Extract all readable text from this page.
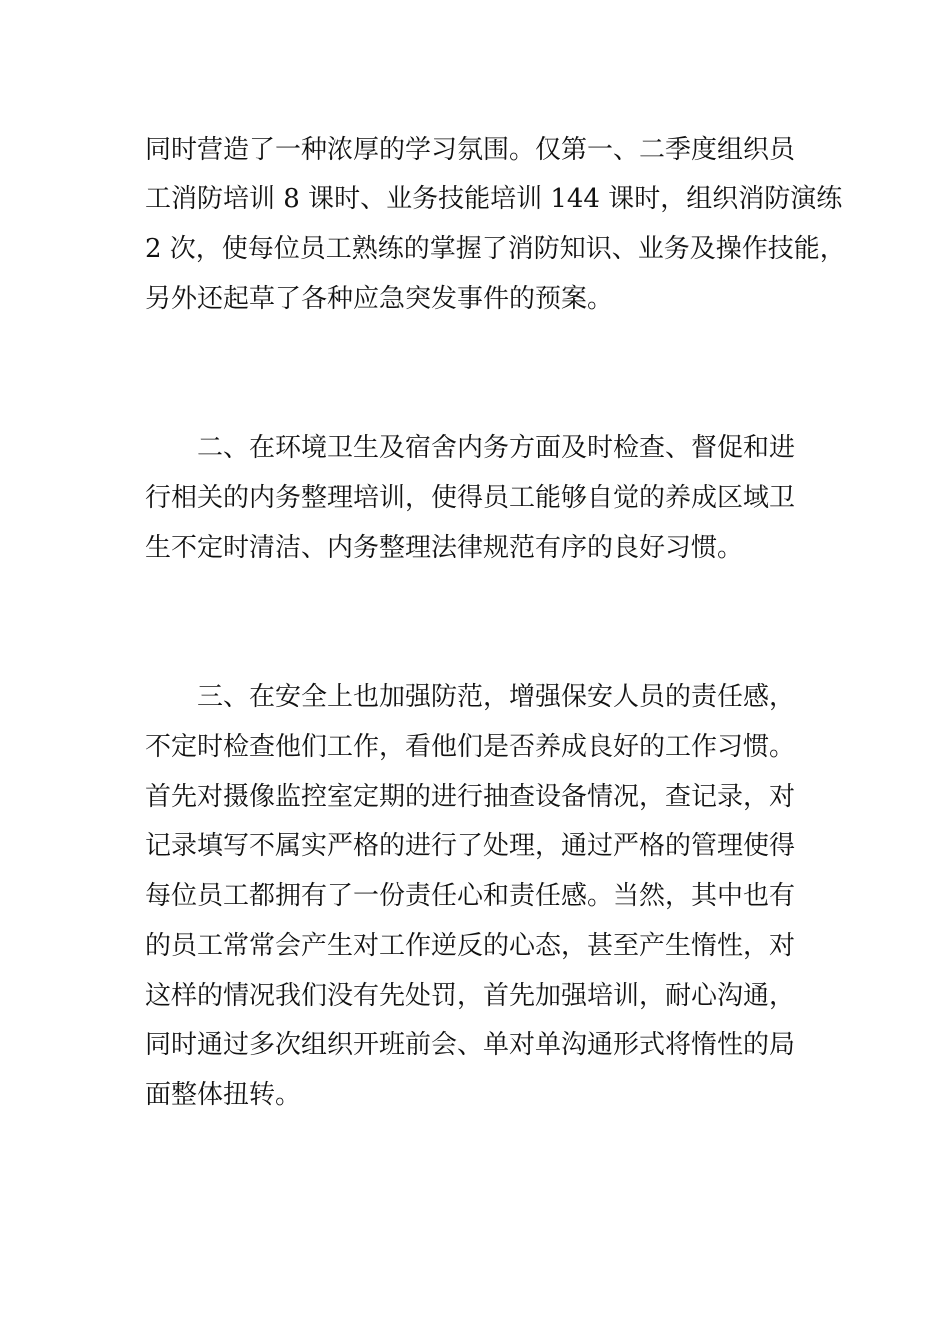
同时营造了一种浓厚的学习氛围。仅第一、二季度组织员
工消防培训 8 课时、业务技能培训 144 课时，组织消防演练
2 次，使每位员工熟练的掌握了消防知识、业务及操作技能，
另外还起草了各种应急突发事件的预案。
二、在环境卫生及宿舍内务方面及时检查、督促和进
行相关的内务整理培训，使得员工能够自觉的养成区域卫
生不定时清洁、内务整理法律规范有序的良好习惯。
三、在安全上也加强防范，增强保安人员的责任感，
不定时检查他们工作，看他们是否养成良好的工作习惯。
首先对摄像监控室定期的进行抽查设备情况，查记录，对
记录填写不属实严格的进行了处理，通过严格的管理使得
每位员工都拥有了一份责任心和责任感。当然，其中也有
的员工常常会产生对工作逆反的心态，甚至产生惰性，对
这样的情况我们没有先处罚，首先加强培训，耐心沟通，
同时通过多次组织开班前会、单对单沟通形式将惰性的局
面整体扭转。
